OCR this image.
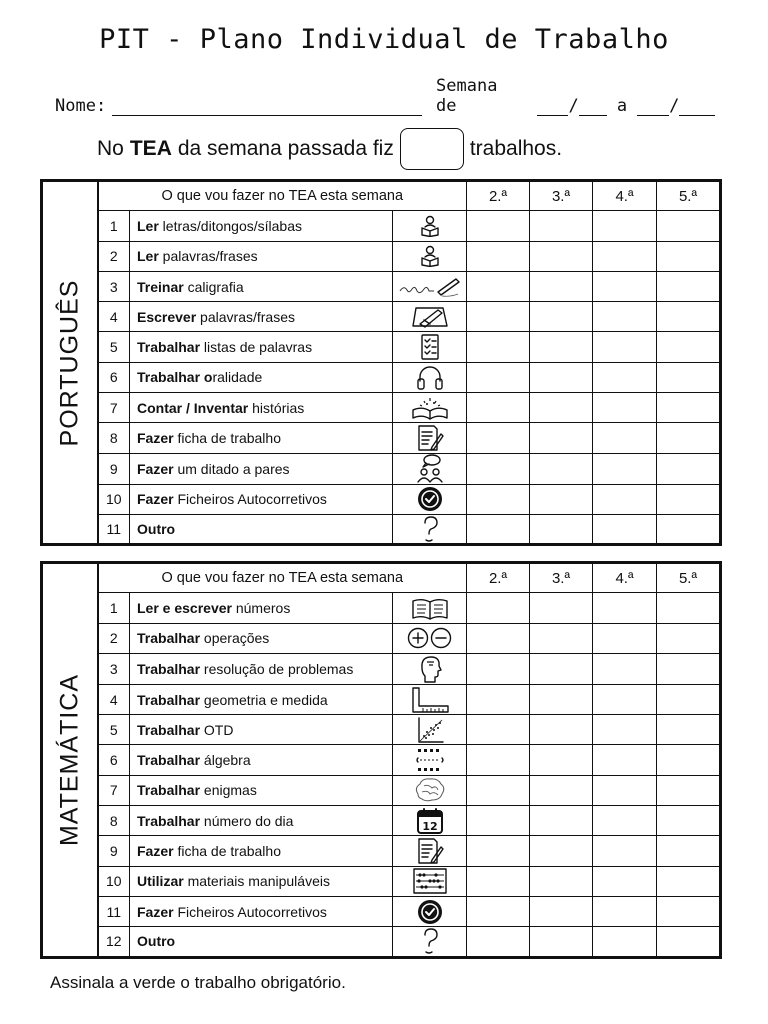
PIT - Plano Individual de Trabalho
Nome:
Semana de	/ a /
No TEA da semana passada fiz	trabalhos.
PORTUGUÊS	O que vou fazer no TEA esta semana			2.ª	3.ª	4.ª	5.ª
	1	Ler letras/ditongos/sílabas					
	2	Ler palavras/frases					
	3	Treinar caligrafia					
	4	Escrever palavras/frases					
	5	Trabalhar listas de palavras					
	6	Trabalhar oralidade					
	7	Contar / Inventar histórias					
	8	Fazer ficha de trabalho					
	9	Fazer um ditado a pares					
	10	Fazer Ficheiros Autocorretivos					
	11	Outro					
MATEMÁTICA	O que vou fazer no TEA esta semana			2.ª	3.ª	4.ª	5.ª
	1	Ler e escrever números					
	2	Trabalhar operações					
	3	Trabalhar resolução de problemas					
	4	Trabalhar geometria e medida					
	5	Trabalhar OTD					
	6	Trabalhar álgebra					
	7	Trabalhar enigmas					
	8	Trabalhar número do dia	12				

	9	Fazer ficha de trabalho					
	10	Utilizar materiais manipuláveis					
	11	Fazer Ficheiros Autocorretivos					
	12	Outro					
Assinala a verde o trabalho obrigatório.
